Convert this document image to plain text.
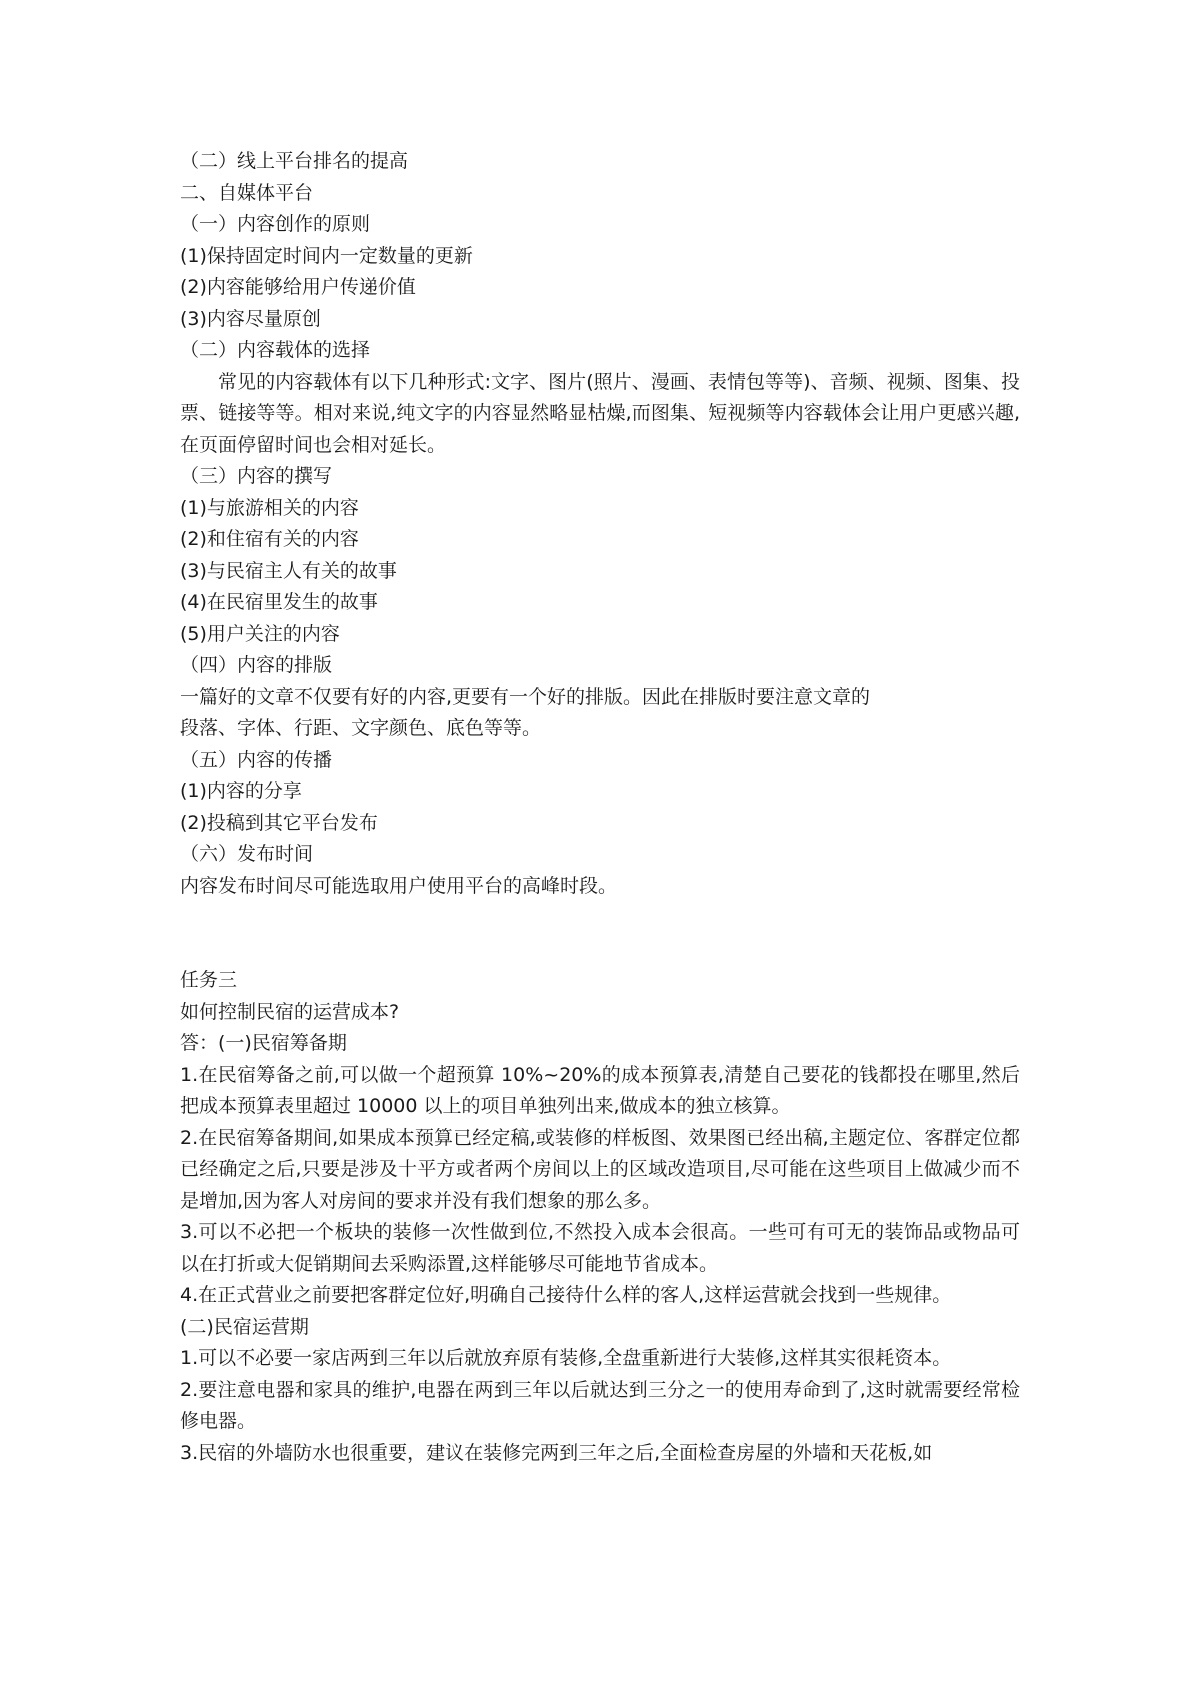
（二）线上平台排名的提高
二、自媒体平台
（一）内容创作的原则
(1)保持固定时间内一定数量的更新
(2)内容能够给用户传递价值
(3)内容尽量原创
（二）内容载体的选择
常见的内容载体有以下几种形式:文字、图片(照片、漫画、表情包等等)、音频、视频、图集、投票、链接等等。相对来说,纯文字的内容显然略显枯燥,而图集、短视频等内容载体会让用户更感兴趣,在页面停留时间也会相对延长。
（三）内容的撰写
(1)与旅游相关的内容
(2)和住宿有关的内容
(3)与民宿主人有关的故事
(4)在民宿里发生的故事
(5)用户关注的内容
（四）内容的排版
一篇好的文章不仅要有好的内容,更要有一个好的排版。因此在排版时要注意文章的
段落、字体、行距、文字颜色、底色等等。
（五）内容的传播
(1)内容的分享
(2)投稿到其它平台发布
（六）发布时间
内容发布时间尽可能选取用户使用平台的高峰时段。
任务三
如何控制民宿的运营成本?
答：(一)民宿筹备期
1.在民宿筹备之前,可以做一个超预算 10%~20%的成本预算表,清楚自己要花的钱都投在哪里,然后把成本预算表里超过 10000 以上的项目单独列出来,做成本的独立核算。
2.在民宿筹备期间,如果成本预算已经定稿,或装修的样板图、效果图已经出稿,主题定位、客群定位都已经确定之后,只要是涉及十平方或者两个房间以上的区域改造项目,尽可能在这些项目上做减少而不是增加,因为客人对房间的要求并没有我们想象的那么多。
3.可以不必把一个板块的装修一次性做到位,不然投入成本会很高。一些可有可无的装饰品或物品可以在打折或大促销期间去采购添置,这样能够尽可能地节省成本。
4.在正式营业之前要把客群定位好,明确自己接待什么样的客人,这样运营就会找到一些规律。
(二)民宿运营期
1.可以不必要一家店两到三年以后就放弃原有装修,全盘重新进行大装修,这样其实很耗资本。
2.要注意电器和家具的维护,电器在两到三年以后就达到三分之一的使用寿命到了,这时就需要经常检修电器。
3.民宿的外墙防水也很重要，建议在装修完两到三年之后,全面检查房屋的外墙和天花板,如
